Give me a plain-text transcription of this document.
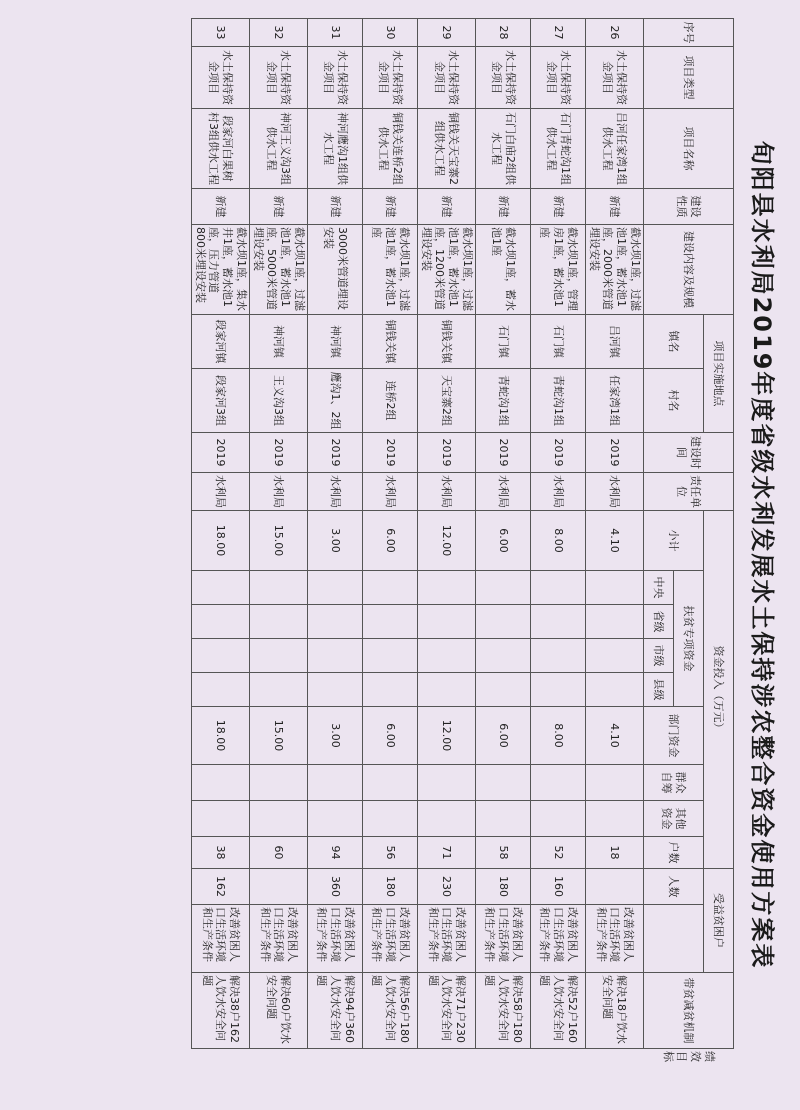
旬阳县水利局2019年度省级水利发展水土保持涉农整合资金使用方案表
序号	项目类型	项目名称	建设性质	建设内容及规模	项目实施地点		建设时间	责任单位	资金投入（万元）									受益贫困户		带贫减贫机制	绩效目标
					镇名	村名			小计	扶贫专项资金				部门资金	群众自筹	其他资金	户数	人数			
										中央	省级	市级	县级								
26	水土保持资金项目	吕河任家湾1组供水工程	新建	截水坝1座，过滤池1座，蓄水池1座，2000米管道埋设安装	吕河镇	任家湾1组	2019	水利局	4.10					4.10			18		改善贫困人口生活环境和生产条件	解决18户饮水安全问题	
27	水土保持资金项目	石门青蛇沟1组供水工程	新建	截水坝1座，管理房1座，蓄水池1座	石门镇	青蛇沟1组	2019	水利局	8.00					8.00			52	160	改善贫困人口生活环境和生产条件	解决52户160人饮水安全问题	
28	水土保持资金项目	石门白庙2组供水工程	新建	截水坝1座，蓄水池1座	石门镇	青蛇沟1组	2019	水利局	6.00					6.00			58	180	改善贫困人口生活环境和生产条件	解决58户180人饮水安全问题	
29	水土保持资金项目	铜钱关天宝寨2组供水工程	新建	截水坝1座，过滤池1座，蓄水池1座，1200米管道埋设安装	铜钱关镇	天宝寨2组	2019	水利局	12.00					12.00			71	230	改善贫困人口生活环境和生产条件	解决71户230人饮水安全问题	
30	水土保持资金项目	铜钱关连桥2组供水工程	新建	截水坝1座，过滤池1座，蓄水池1座	铜钱关镇	连桥2组	2019	水利局	6.00					6.00			56	180	改善贫困人口生活环境和生产条件	解决56户180人饮水安全问题	
31	水土保持资金项目	神河鹰沟1组供水工程	新建	3000米管道埋设安装	神河镇	鹰沟1、2组	2019	水利局	3.00					3.00			94	360	改善贫困人口生活环境和生产条件	解决94户360人饮水安全问题	
32	水土保持资金项目	神河王义沟3组供水工程	新建	截水坝1座，过滤池1座，蓄水池1座，5000米管道埋设安装	神河镇	王义沟3组	2019	水利局	15.00					15.00			60		改善贫困人口生活环境和生产条件	解决60户饮水安全问题	
33	水土保持资金项目	段家河白果树村3组供水工程	新建	截水坝1座，集水井1座，蓄水池1座，压力管道800米埋设安装	段家河镇	段家河3组	2019	水利局	18.00					18.00			38	162	改善贫困人口生活环境和生产条件	解决38户162人饮水安全问题	
